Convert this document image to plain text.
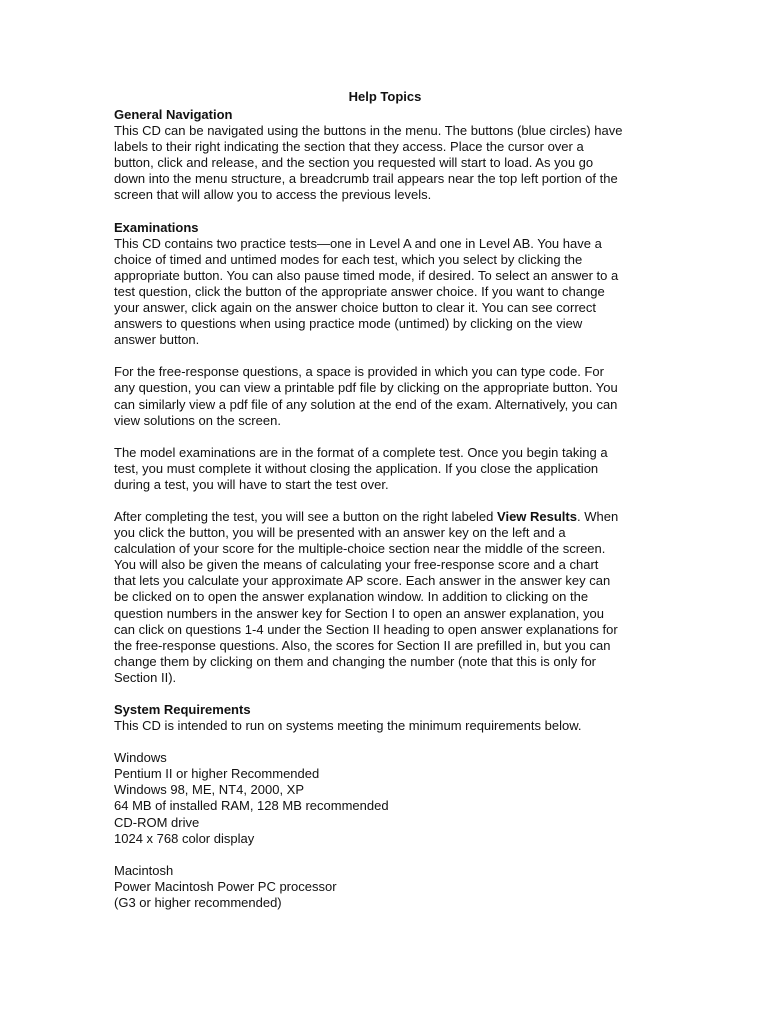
Help Topics
General Navigation
This CD can be navigated using the buttons in the menu. The buttons (blue circles) have
labels to their right indicating the section that they access. Place the cursor over a
button, click and release, and the section you requested will start to load. As you go
down into the menu structure, a breadcrumb trail appears near the top left portion of the
screen that will allow you to access the previous levels.
Examinations
This CD contains two practice tests—one in Level A and one in Level AB. You have a
choice of timed and untimed modes for each test, which you select by clicking the
appropriate button. You can also pause timed mode, if desired. To select an answer to a
test question, click the button of the appropriate answer choice. If you want to change
your answer, click again on the answer choice button to clear it. You can see correct
answers to questions when using practice mode (untimed) by clicking on the view
answer button.
For the free-response questions, a space is provided in which you can type code. For
any question, you can view a printable pdf file by clicking on the appropriate button. You
can similarly view a pdf file of any solution at the end of the exam. Alternatively, you can
view solutions on the screen.
The model examinations are in the format of a complete test. Once you begin taking a
test, you must complete it without closing the application. If you close the application
during a test, you will have to start the test over.
After completing the test, you will see a button on the right labeled View Results. When
you click the button, you will be presented with an answer key on the left and a
calculation of your score for the multiple-choice section near the middle of the screen.
You will also be given the means of calculating your free-response score and a chart
that lets you calculate your approximate AP score. Each answer in the answer key can
be clicked on to open the answer explanation window. In addition to clicking on the
question numbers in the answer key for Section I to open an answer explanation, you
can click on questions 1-4 under the Section II heading to open answer explanations for
the free-response questions. Also, the scores for Section II are prefilled in, but you can
change them by clicking on them and changing the number (note that this is only for
Section II).
System Requirements
This CD is intended to run on systems meeting the minimum requirements below.
Windows
Pentium II or higher Recommended
Windows 98, ME, NT4, 2000, XP
64 MB of installed RAM, 128 MB recommended
CD-ROM drive
1024 x 768 color display
Macintosh
Power Macintosh Power PC processor
(G3 or higher recommended)
